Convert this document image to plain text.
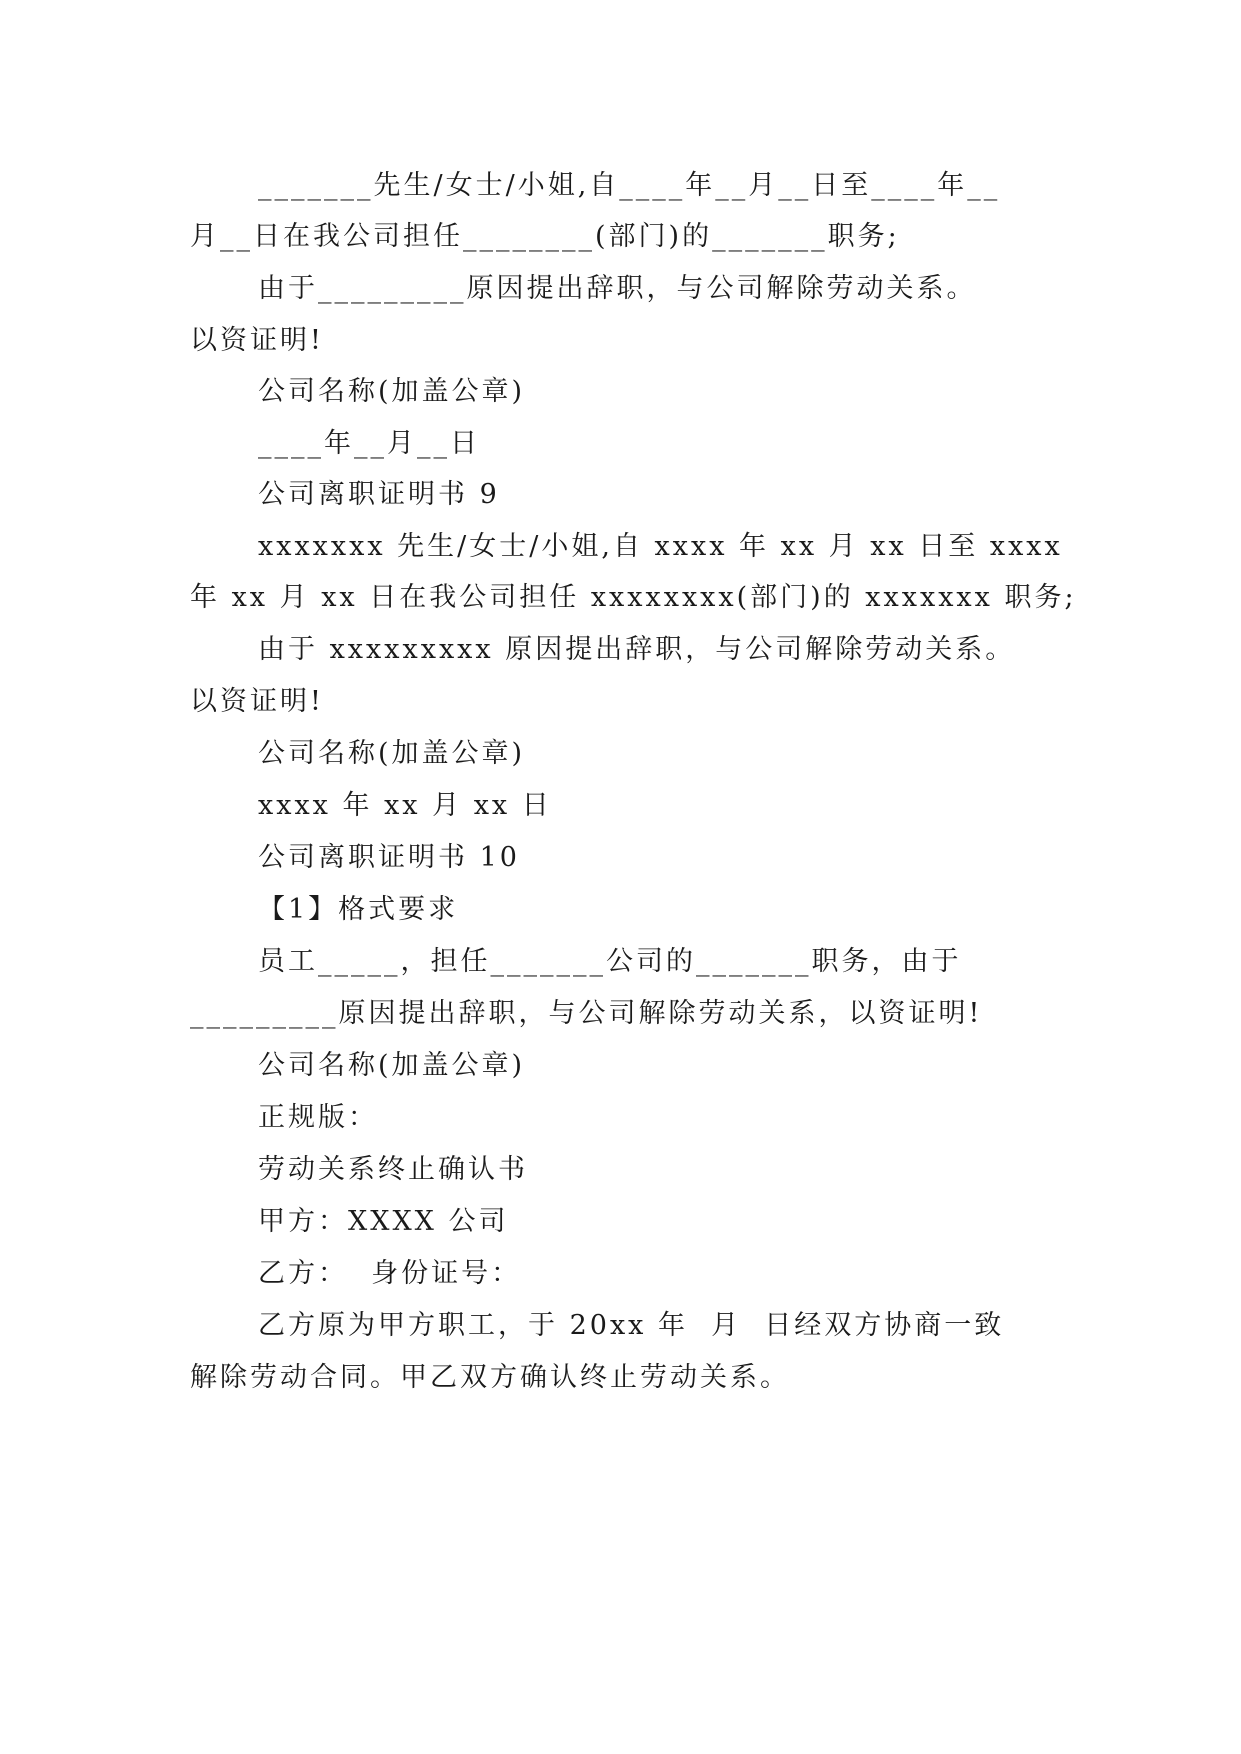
_______先生/女士/小姐,自____年__月__日至____年__
月__日在我公司担任________(部门)的_______职务;
由于_________原因提出辞职，与公司解除劳动关系。
以资证明!
公司名称(加盖公章)
____年__月__日
公司离职证明书 9
xxxxxxx 先生/女士/小姐,自 xxxx 年 xx 月 xx 日至 xxxx
年 xx 月 xx 日在我公司担任 xxxxxxxx(部门)的 xxxxxxx 职务;
由于 xxxxxxxxx 原因提出辞职，与公司解除劳动关系。
以资证明!
公司名称(加盖公章)
xxxx 年 xx 月 xx 日
公司离职证明书 10
【1】格式要求
员工_____，担任_______公司的_______职务，由于
_________原因提出辞职，与公司解除劳动关系，以资证明!
公司名称(加盖公章)
正规版：
劳动关系终止确认书
甲方：XXXX 公司
乙方：  身份证号：
乙方原为甲方职工，于 20xx 年  月  日经双方协商一致
解除劳动合同。甲乙双方确认终止劳动关系。
